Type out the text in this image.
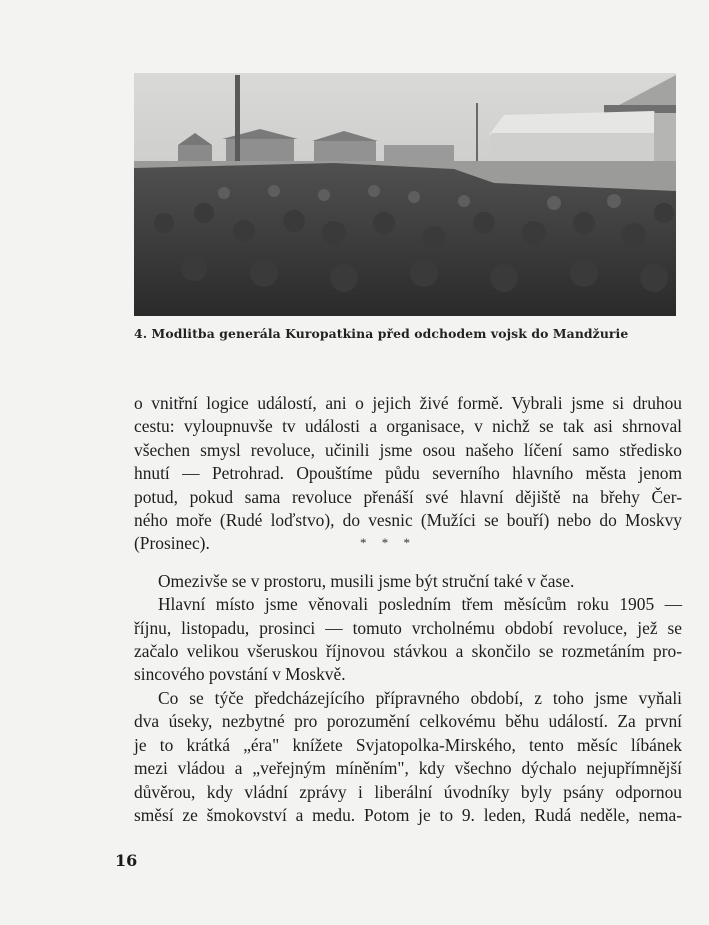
4. Modlitba generála Kuropatkina před odchodem vojsk do Mandžurie

o vnitřní logice událostí, ani o jejich živé formě. Vybrali jsme si druhou

cestu: vyloupnuvše tv události a organisace, v nichž se tak asi shrnoval

všechen smysl revoluce, učinili jsme osou našeho líčení samo středisko

hnutí — Petrohrad. Opouštíme půdu severního hlavního města jenom

potud, pokud sama revoluce přenáší své hlavní dějiště na břehy Čer-

ného moře (Rudé loďstvo), do vesnic (Mužíci se bouří) nebo do Moskvy

(Prosinec).

Omezivše se v prostoru, musili jsme být struční také v čase.

Hlavní místo jsme věnovali posledním třem měsícům roku 1905 —

říjnu, listopadu, prosinci — tomuto vrcholnému období revoluce, jež se

začalo velikou všeruskou říjnovou stávkou a skončilo se rozmetáním pro-

sincového povstání v Moskvě.

Co se týče předcházejícího přípravného období, z toho jsme vyňali

dva úseky, nezbytné pro porozumění celkovému běhu událostí. Za první

je to krátká „éra" knížete Svjatopolka-Mirského, tento měsíc líbánek

mezi vládou a „veřejným míněním", kdy všechno dýchalo nejupřímnější

důvěrou, kdy vládní zprávy i liberální úvodníky byly psány odpornou

směsí ze šmokovství a medu. Potom je to 9. leden, Rudá neděle, nema-

* * *
16
